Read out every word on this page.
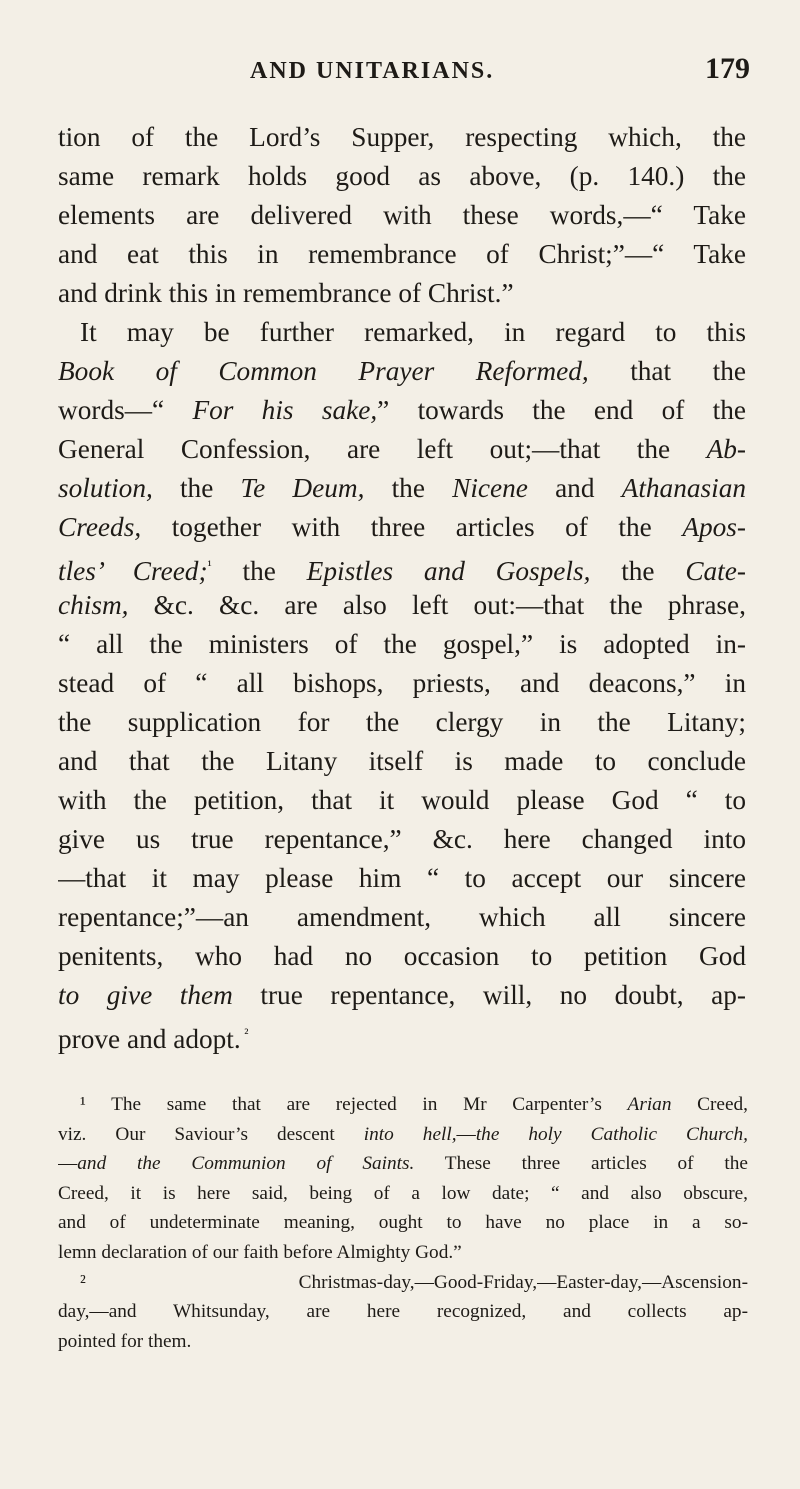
AND UNITARIANS.	179
tion of the Lord’s Supper, respecting which, the
same remark holds good as above, (p. 140.) the
elements are delivered with these words,—“ Take
and eat this in remembrance of Christ;”—“ Take
and drink this in remembrance of Christ.”
It may be further remarked, in regard to this
Book of Common Prayer Reformed, that the
words—“ For his sake,” towards the end of the
General Confession, are left out;—that the Ab-
solution, the Te Deum, the Nicene and Athanasian
Creeds, together with three articles of the Apos-
tles’ Creed;$^{^1}$ the Epistles and Gospels, the Cate-
chism, &c. &c. are also left out:—that the phrase,
“ all the ministers of the gospel,” is adopted in-
stead of “ all bishops, priests, and deacons,” in
the supplication for the clergy in the Litany;
and that the Litany itself is made to conclude
with the petition, that it would please God “ to
give us true repentance,” &c. here changed into
—that it may please him “ to accept our sincere
repentance;”—an amendment, which all sincere
penitents, who had no occasion to petition God
to give them true repentance, will, no doubt, ap-
prove and adopt. $^{^2}$
¹ The same that are rejected in Mr Carpenter’s Arian Creed,
viz. Our Saviour’s descent into hell,—the holy Catholic Church,
—and the Communion of Saints. These three articles of the
Creed, it is here said, being of a low date; “ and also obscure,
and of undeterminate meaning, ought to have no place in a so-
lemn declaration of our faith before Almighty God.”
² Christmas-day,—Good-Friday,—Easter-day,—Ascension-
day,—and Whitsunday, are here recognized, and collects ap-
pointed for them.
